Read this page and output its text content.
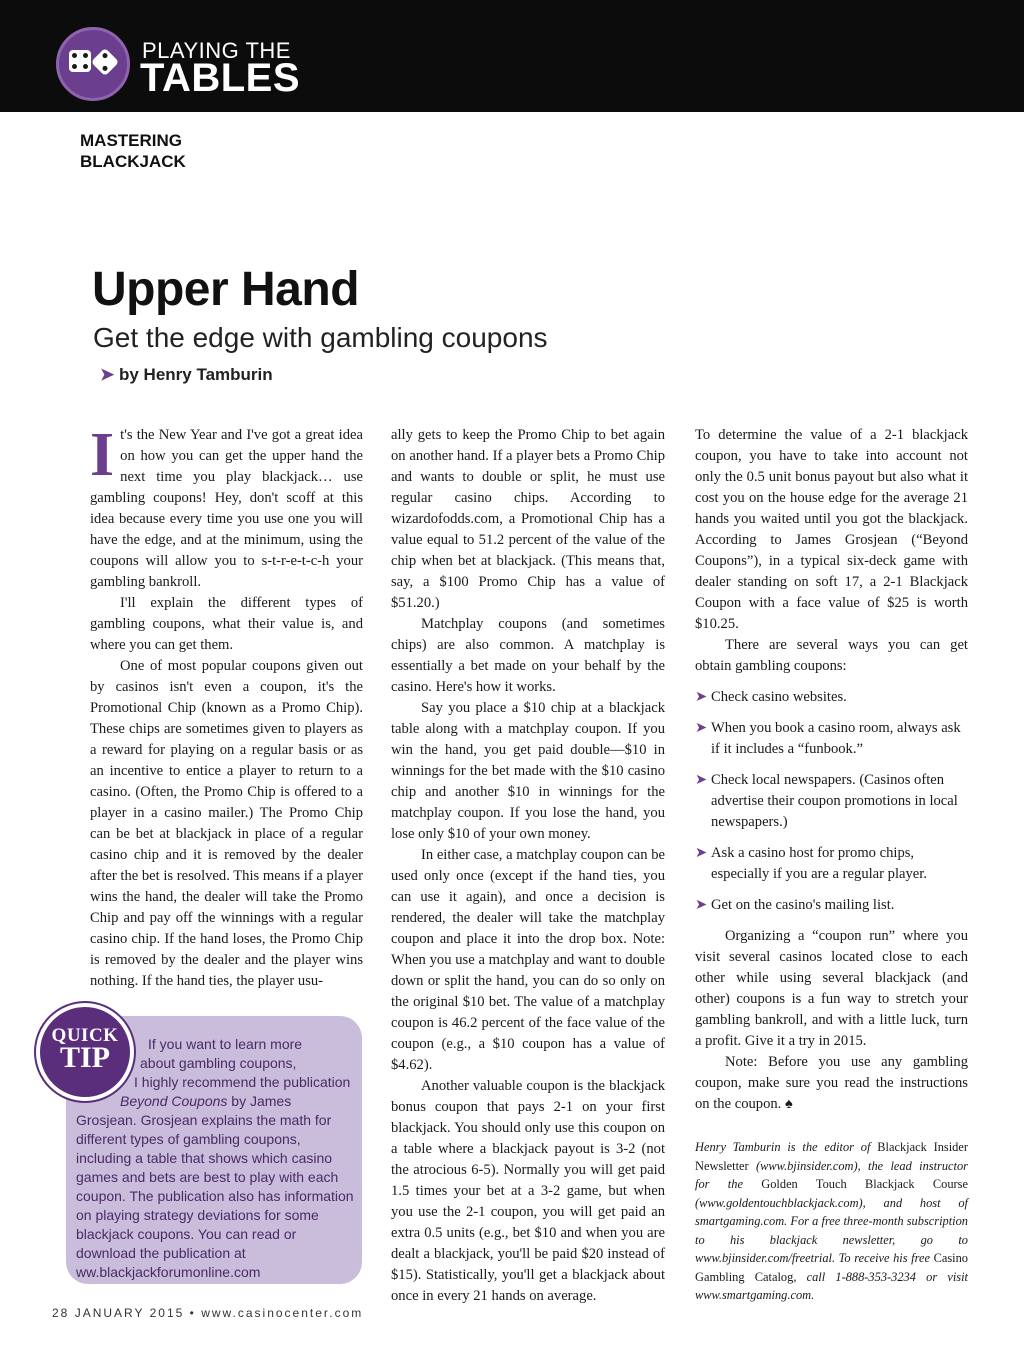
PLAYING THE
TABLES
MASTERING
BLACKJACK
Upper Hand
Get the edge with gambling coupons
➤ by Henry Tamburin

It's the New Year and I've got a great idea on how you can get the upper hand the next time you play blackjack… use gambling coupons! Hey, don't scoff at this idea because every time you use one you will have the edge, and at the minimum, using the coupons will allow you to s-t-r-e-t-c-h your gambling bankroll.

I'll explain the different types of gambling coupons, what their value is, and where you can get them.

One of most popular coupons given out by casinos isn't even a coupon, it's the Promotional Chip (known as a Promo Chip). These chips are sometimes given to players as a reward for playing on a regular basis or as an incentive to entice a player to return to a casino. (Often, the Promo Chip is offered to a player in a casino mailer.) The Promo Chip can be bet at blackjack in place of a regular casino chip and it is removed by the dealer after the bet is resolved. This means if a player wins the hand, the dealer will take the Promo Chip and pay off the winnings with a regular casino chip. If the hand loses, the Promo Chip is removed by the dealer and the player wins nothing. If the hand ties, the player usu-

ally gets to keep the Promo Chip to bet again on another hand. If a player bets a Promo Chip and wants to double or split, he must use regular casino chips. According to wizardofodds.com, a Promotional Chip has a value equal to 51.2 percent of the value of the chip when bet at blackjack. (This means that, say, a $100 Promo Chip has a value of $51.20.)

Matchplay coupons (and sometimes chips) are also common. A matchplay is essentially a bet made on your behalf by the casino. Here's how it works.

Say you place a $10 chip at a blackjack table along with a matchplay coupon. If you win the hand, you get paid double—$10 in winnings for the bet made with the $10 casino chip and another $10 in winnings for the matchplay coupon. If you lose the hand, you lose only $10 of your own money.

In either case, a matchplay coupon can be used only once (except if the hand ties, you can use it again), and once a decision is rendered, the dealer will take the matchplay coupon and place it into the drop box. Note: When you use a matchplay and want to double down or split the hand, you can do so only on the original $10 bet. The value of a matchplay coupon is 46.2 percent of the face value of the coupon (e.g., a $10 coupon has a value of $4.62).

Another valuable coupon is the blackjack bonus coupon that pays 2-1 on your first blackjack. You should only use this coupon on a table where a blackjack payout is 3-2 (not the atrocious 6-5). Normally you will get paid 1.5 times your bet at a 3-2 game, but when you use the 2-1 coupon, you will get paid an extra 0.5 units (e.g., bet $10 and when you are dealt a blackjack, you'll be paid $20 instead of $15). Statistically, you'll get a blackjack about once in every 21 hands on average.

To determine the value of a 2-1 blackjack coupon, you have to take into account not only the 0.5 unit bonus payout but also what it cost you on the house edge for the average 21 hands you waited until you got the blackjack. According to James Grosjean (“Beyond Coupons”), in a typical six-deck game with dealer standing on soft 17, a 2-1 Blackjack Coupon with a face value of $25 is worth $10.25.

There are several ways you can get obtain gambling coupons:

➤ Check casino websites.
➤ When you book a casino room, always ask if it includes a “funbook.”
➤ Check local newspapers. (Casinos often advertise their coupon promotions in local newspapers.)
➤ Ask a casino host for promo chips, especially if you are a regular player.
➤ Get on the casino's mailing list.

Organizing a “coupon run” where you visit several casinos located close to each other while using several blackjack (and other) coupons is a fun way to stretch your gambling bankroll, and with a little luck, turn a profit. Give it a try in 2015.

Note: Before you use any gambling coupon, make sure you read the instructions on the coupon. ♠

Henry Tamburin is the editor of Blackjack Insider Newsletter (www.bjinsider.com), the lead instructor for the Golden Touch Blackjack Course (www.goldentouchblackjack.com), and host of smartgaming.com. For a free three-month subscription to his blackjack newsletter, go to www.bjinsider.com/freetrial. To receive his free Casino Gambling Catalog, call 1-888-353-3234 or visit www.smartgaming.com.
QUICK
TIP	If you want to learn more
about gambling coupons,
I highly recommend the publication
Beyond Coupons by James
Grosjean. Grosjean explains the math for different types of gambling coupons, including a table that shows which casino games and bets are best to play with each coupon. The publication also has information on playing strategy deviations for some blackjack coupons. You can read or download the publication at ww.blackjackforumonline.com
28 JANUARY 2015 • www.casinocenter.com
